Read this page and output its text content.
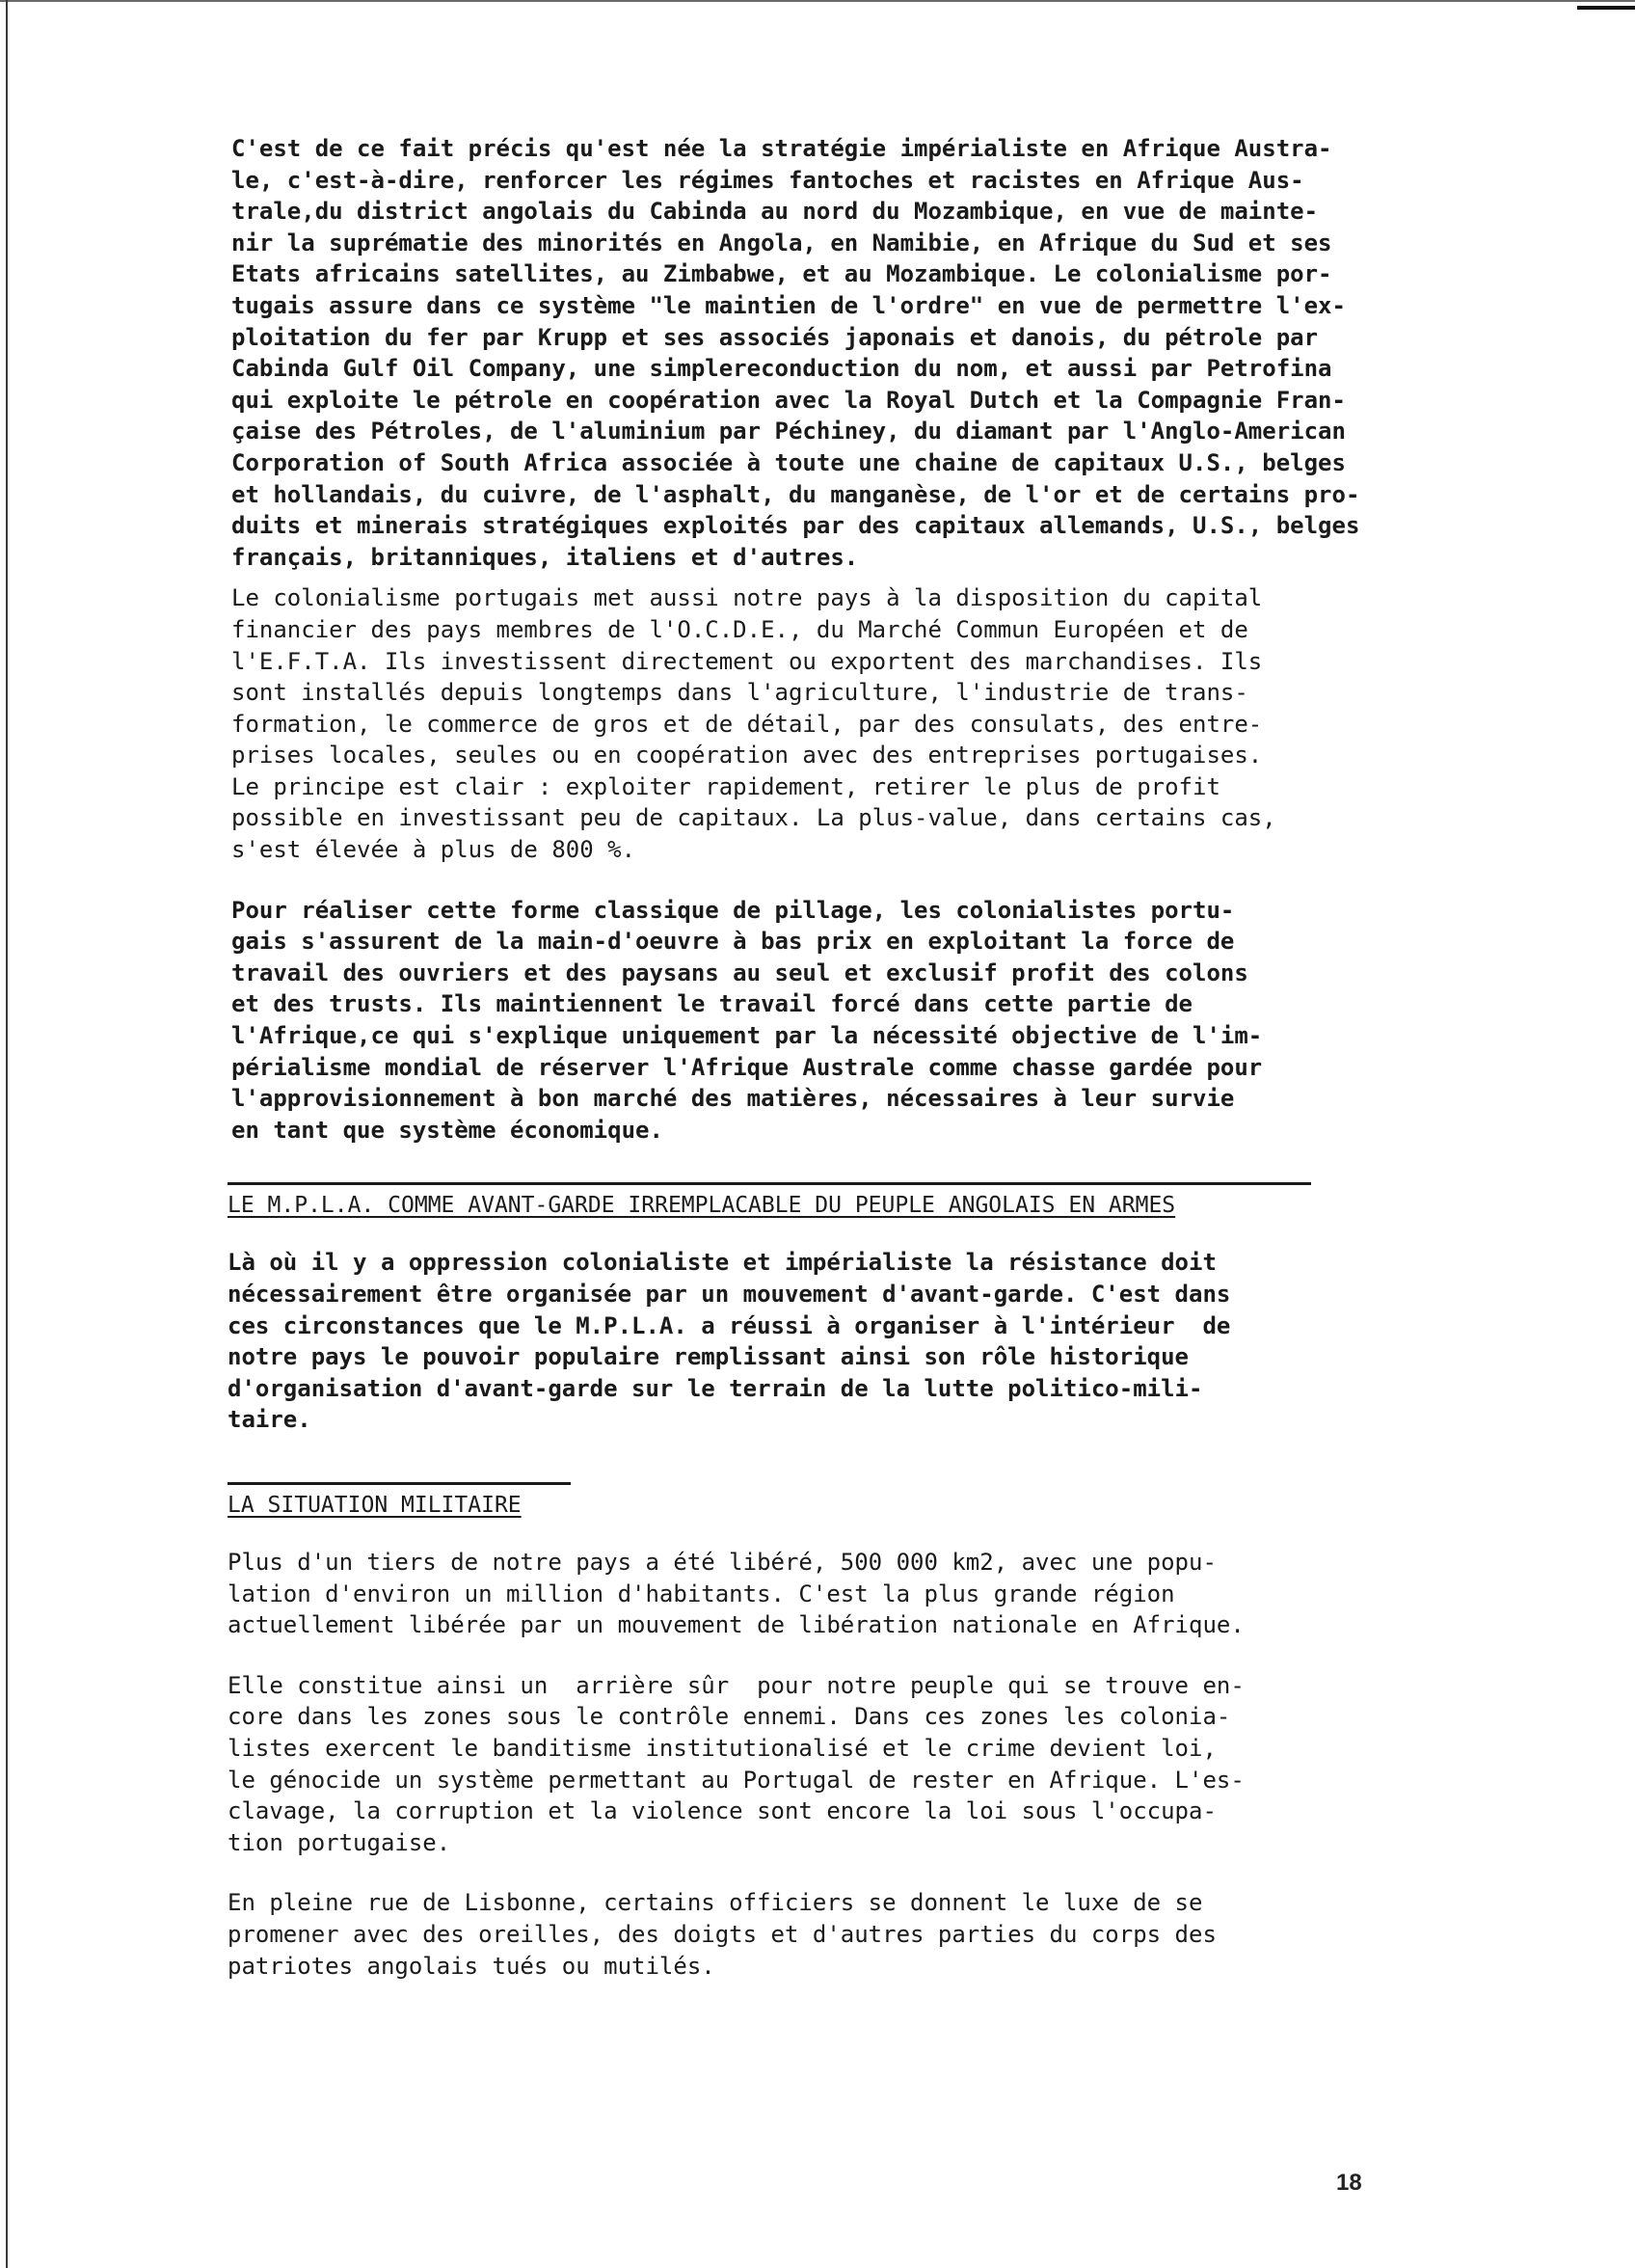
C'est de ce fait précis qu'est née la stratégie impérialiste en Afrique Austra-
le, c'est-à-dire, renforcer les régimes fantoches et racistes en Afrique Aus-
trale,du district angolais du Cabinda au nord du Mozambique, en vue de mainte-
nir la suprématie des minorités en Angola, en Namibie, en Afrique du Sud et ses
Etats africains satellites, au Zimbabwe, et au Mozambique. Le colonialisme por-
tugais assure dans ce système "le maintien de l'ordre" en vue de permettre l'ex-
ploitation du fer par Krupp et ses associés japonais et danois, du pétrole par
Cabinda Gulf Oil Company, une simplereconduction du nom, et aussi par Petrofina
qui exploite le pétrole en coopération avec la Royal Dutch et la Compagnie Fran-
çaise des Pétroles, de l'aluminium par Péchiney, du diamant par l'Anglo-American
Corporation of South Africa associée à toute une chaine de capitaux U.S., belges
et hollandais, du cuivre, de l'asphalt, du manganèse, de l'or et de certains pro-
duits et minerais stratégiques exploités par des capitaux allemands, U.S., belges
français, britanniques, italiens et d'autres.

Le colonialisme portugais met aussi notre pays à la disposition du capital
financier des pays membres de l'O.C.D.E., du Marché Commun Européen et de
l'E.F.T.A. Ils investissent directement ou exportent des marchandises. Ils
sont installés depuis longtemps dans l'agriculture, l'industrie de trans-
formation, le commerce de gros et de détail, par des consulats, des entre-
prises locales, seules ou en coopération avec des entreprises portugaises.
Le principe est clair : exploiter rapidement, retirer le plus de profit
possible en investissant peu de capitaux. La plus-value, dans certains cas,
s'est élevée à plus de 800 %.

Pour réaliser cette forme classique de pillage, les colonialistes portu-
gais s'assurent de la main-d'oeuvre à bas prix en exploitant la force de
travail des ouvriers et des paysans au seul et exclusif profit des colons
et des trusts. Ils maintiennent le travail forcé dans cette partie de
l'Afrique,ce qui s'explique uniquement par la nécessité objective de l'im-
périalisme mondial de réserver l'Afrique Australe comme chasse gardée pour
l'approvisionnement à bon marché des matières, nécessaires à leur survie
en tant que système économique.

LE M.P.L.A. COMME AVANT-GARDE IRREMPLACABLE DU PEUPLE ANGOLAIS EN ARMES

Là où il y a oppression colonialiste et impérialiste la résistance doit
nécessairement être organisée par un mouvement d'avant-garde. C'est dans
ces circonstances que le M.P.L.A. a réussi à organiser à l'intérieur  de
notre pays le pouvoir populaire remplissant ainsi son rôle historique
d'organisation d'avant-garde sur le terrain de la lutte politico-mili-
taire.

LA SITUATION MILITAIRE

Plus d'un tiers de notre pays a été libéré, 500 000 km2, avec une popu-
lation d'environ un million d'habitants. C'est la plus grande région
actuellement libérée par un mouvement de libération nationale en Afrique.

Elle constitue ainsi un  arrière sûr  pour notre peuple qui se trouve en-
core dans les zones sous le contrôle ennemi. Dans ces zones les colonia-
listes exercent le banditisme institutionalisé et le crime devient loi,
le génocide un système permettant au Portugal de rester en Afrique. L'es-
clavage, la corruption et la violence sont encore la loi sous l'occupa-
tion portugaise.

En pleine rue de Lisbonne, certains officiers se donnent le luxe de se
promener avec des oreilles, des doigts et d'autres parties du corps des
patriotes angolais tués ou mutilés.

18
